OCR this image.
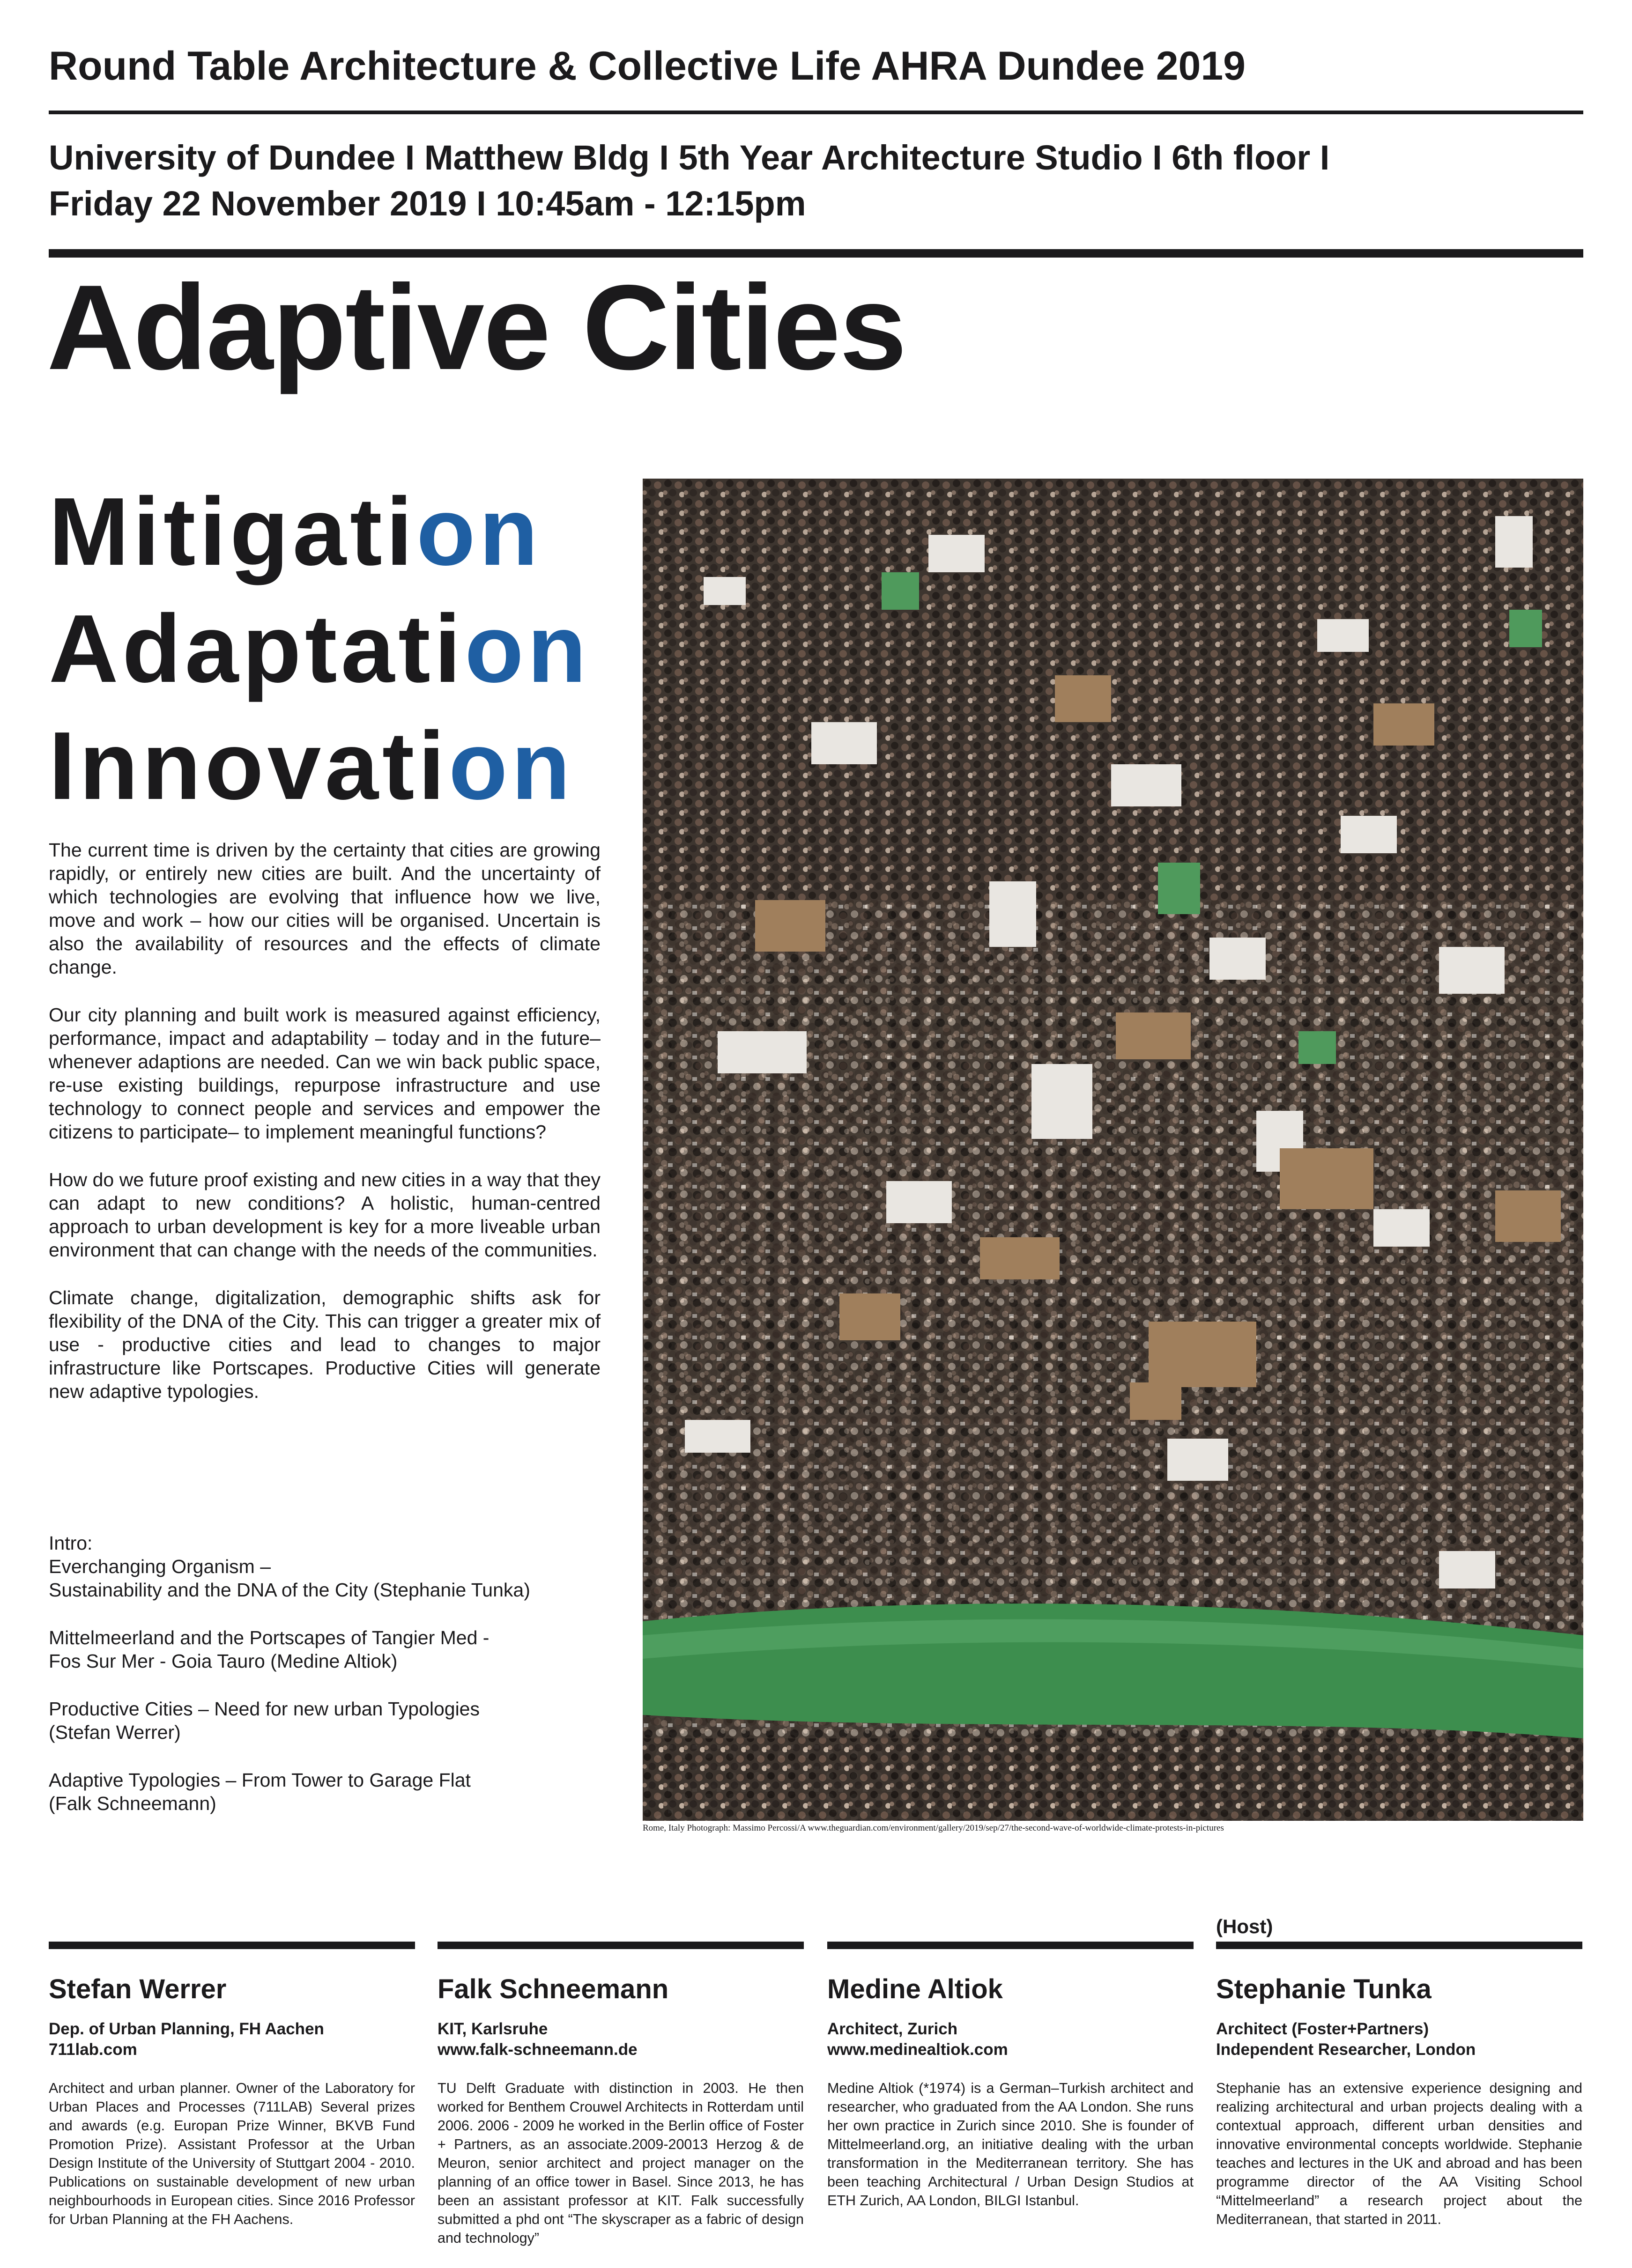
Round Table Architecture & Collective Life AHRA Dundee 2019
University of Dundee I Matthew Bldg I 5th Year Architecture Studio I 6th floor I
Friday 22 November 2019 I 10:45am - 12:15pm
Adaptive Cities
Mitigation
Adaptation
Innovation

The current time is driven by the certainty that cities are growing rapidly, or entirely new cities are built. And the uncertainty of which technologies are evolving that influence how we live, move and work – how our cities will be organised. Uncertain is also the availability of resources and the effects of climate change.

Our city planning and built work is measured against efficiency, performance, impact and adaptability – today and in the future– whenever adaptions are needed. Can we win back public space, re-use existing buildings, repurpose infrastructure and use technology to connect people and services and empower the citizens to participate– to implement meaningful functions?

How do we future proof existing and new cities in a way that they can adapt to new conditions? A holistic, human-centred approach to urban development is key for a more liveable urban environment that can change with the needs of the communities.

Climate change, digitalization, demographic shifts ask for flexibility of the DNA of the City. This can trigger a greater mix of use - productive cities and lead to changes to major infrastructure like Portscapes. Productive Cities will generate new adaptive typologies.

Intro:
Everchanging Organism –
Sustainability and the DNA of the City (Stephanie Tunka)
Mittelmeerland and the Portscapes of Tangier Med -
Fos Sur Mer - Goia Tauro (Medine Altiok)
Productive Cities – Need for new urban Typologies
(Stefan Werrer)
Adaptive Typologies – From Tower to Garage Flat
(Falk Schneemann)
Rome, Italy Photograph: Massimo Percossi/A www.theguardian.com/environment/gallery/2019/sep/27/the-second-wave-of-worldwide-climate-protests-in-pictures
(Host)
Stefan Werrer
Dep. of Urban Planning, FH Aachen
711lab.com
Architect and urban planner. Owner of the Laboratory for Urban Places and Processes (711LAB) Several prizes and awards (e.g. Europan Prize Winner, BKVB Fund Promotion Prize). Assistant Professor at the Urban Design Institute of the University of Stuttgart 2004 - 2010. Publications on sustainable development of new urban neighbourhoods in European cities. Since 2016 Professor for Urban Planning at the FH Aachens.
Falk Schneemann
KIT, Karlsruhe
www.falk-schneemann.de
TU Delft Graduate with distinction in 2003. He then worked for Benthem Crouwel Architects in Rotterdam until 2006. 2006 - 2009 he worked in the Berlin office of Foster + Partners, as an associate.2009-20013 Herzog & de Meuron, senior architect and project manager on the planning of an office tower in Basel. Since 2013, he has been an assistant professor at KIT. Falk successfully submitted a phd ont “The skyscraper as a fabric of design and technology”
Medine Altiok
Architect, Zurich
www.medinealtiok.com
Medine Altiok (*1974) is a German–Turkish architect and researcher, who graduated from the AA London. She runs her own practice in Zurich since 2010. She is founder of Mittelmeerland.org, an initiative dealing with the urban transformation in the Mediterranean territory. She has been teaching Architectural / Urban Design Studios at ETH Zurich, AA London, BILGI Istanbul.
Stephanie Tunka
Architect (Foster+Partners)
Independent Researcher, London
Stephanie has an extensive experience designing and realizing architectural and urban projects dealing with a contextual approach, different urban densities and innovative environmental concepts worldwide. Stephanie teaches and lectures in the UK and abroad and has been programme director of the AA Visiting School “Mittelmeerland” a research project about the Mediterranean, that started in 2011.
